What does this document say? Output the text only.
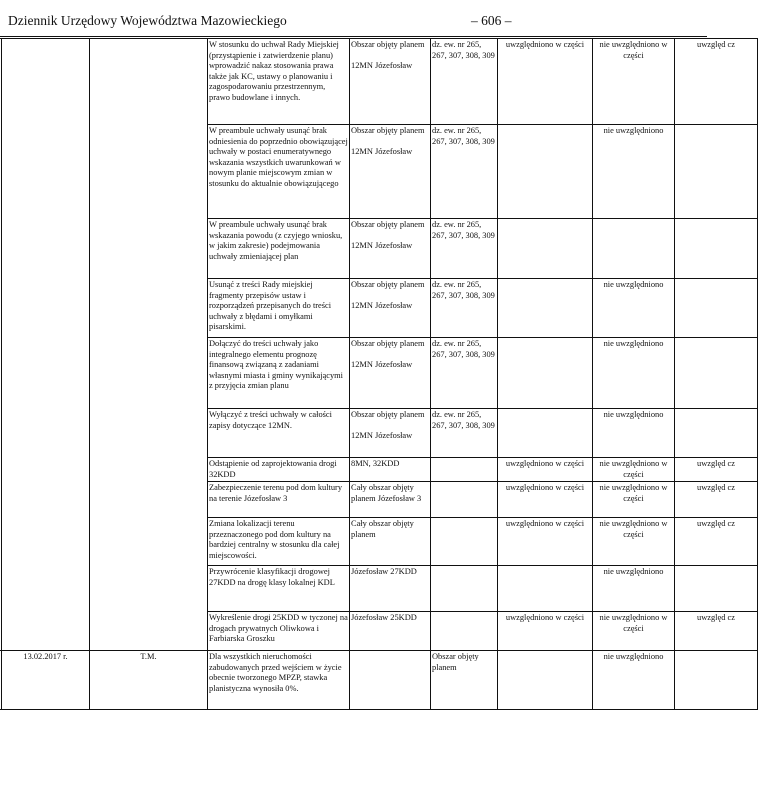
Dziennik Urzędowy Województwa Mazowieckiego	– 606 –
			W stosunku do uchwał Rady Miejskiej (przystąpienie i zatwierdzenie planu) wprowadzić nakaz stosowania prawa także jak KC, ustawy o planowaniu i zagospodarowaniu przestrzennym, prawo budowlane i innych.	Obszar objęty planem
12MN Józefosław	dz. ew. nr 265, 267, 307, 308, 309	uwzględniono w części	nie uwzględniono w części	uwzględ cz
			W preambule uchwały usunąć brak odniesienia do poprzednio obowiązującej uchwały w postaci enumeratywnego wskazania wszystkich uwarunkowań w nowym planie miejscowym zmian w stosunku do aktualnie obowiązującego	Obszar objęty planem
12MN Józefosław	dz. ew. nr 265, 267, 307, 308, 309		nie uwzględniono	
			W preambule uchwały usunąć brak wskazania powodu (z czyjego wniosku, w jakim zakresie) podejmowania uchwały zmieniającej plan	Obszar objęty planem
12MN Józefosław	dz. ew. nr 265, 267, 307, 308, 309			
			Usunąć z treści Rady miejskiej fragmenty przepisów ustaw i rozporządzeń przepisanych do treści uchwały z błędami i omyłkami pisarskimi.	Obszar objęty planem
12MN Józefosław	dz. ew. nr 265, 267, 307, 308, 309		nie uwzględniono	
			Dołączyć do treści uchwały jako integralnego elementu prognozę finansową związaną z zadaniami własnymi miasta i gminy wynikającymi z przyjęcia zmian planu	Obszar objęty planem
12MN Józefosław	dz. ew. nr 265, 267, 307, 308, 309		nie uwzględniono	
			Wyłączyć z treści uchwały w całości zapisy dotyczące 12MN.	Obszar objęty planem
12MN Józefosław	dz. ew. nr 265, 267, 307, 308, 309		nie uwzględniono	
			Odstąpienie od zaprojektowania drogi 32KDD	8MN, 32KDD		uwzględniono w części	nie uwzględniono w części	uwzględ cz
			Zabezpieczenie terenu pod dom kultury na terenie Józefosław 3	Cały obszar objęty planem Józefosław 3		uwzględniono w części	nie uwzględniono w części	uwzględ cz
			Zmiana lokalizacji terenu przeznaczonego pod dom kultury na bardziej centralny w stosunku dla całej miejscowości.	Cały obszar objęty planem		uwzględniono w części	nie uwzględniono w części	uwzględ cz
			Przywrócenie klasyfikacji drogowej 27KDD na drogę klasy lokalnej KDL	Józefosław 27KDD			nie uwzględniono	
			Wykreślenie drogi 25KDD w tyczonej na drogach prywatnych Oliwkowa i Farbiarska Groszku	Józefosław 25KDD		uwzględniono w części	nie uwzględniono w części	uwzględ cz
	13.02.2017 r.	T.M.	Dla wszystkich nieruchomości zabudowanych przed wejściem w życie obecnie tworzonego MPZP, stawka planistyczna wynosiła 0%.		Obszar objęty planem		nie uwzględniono	
